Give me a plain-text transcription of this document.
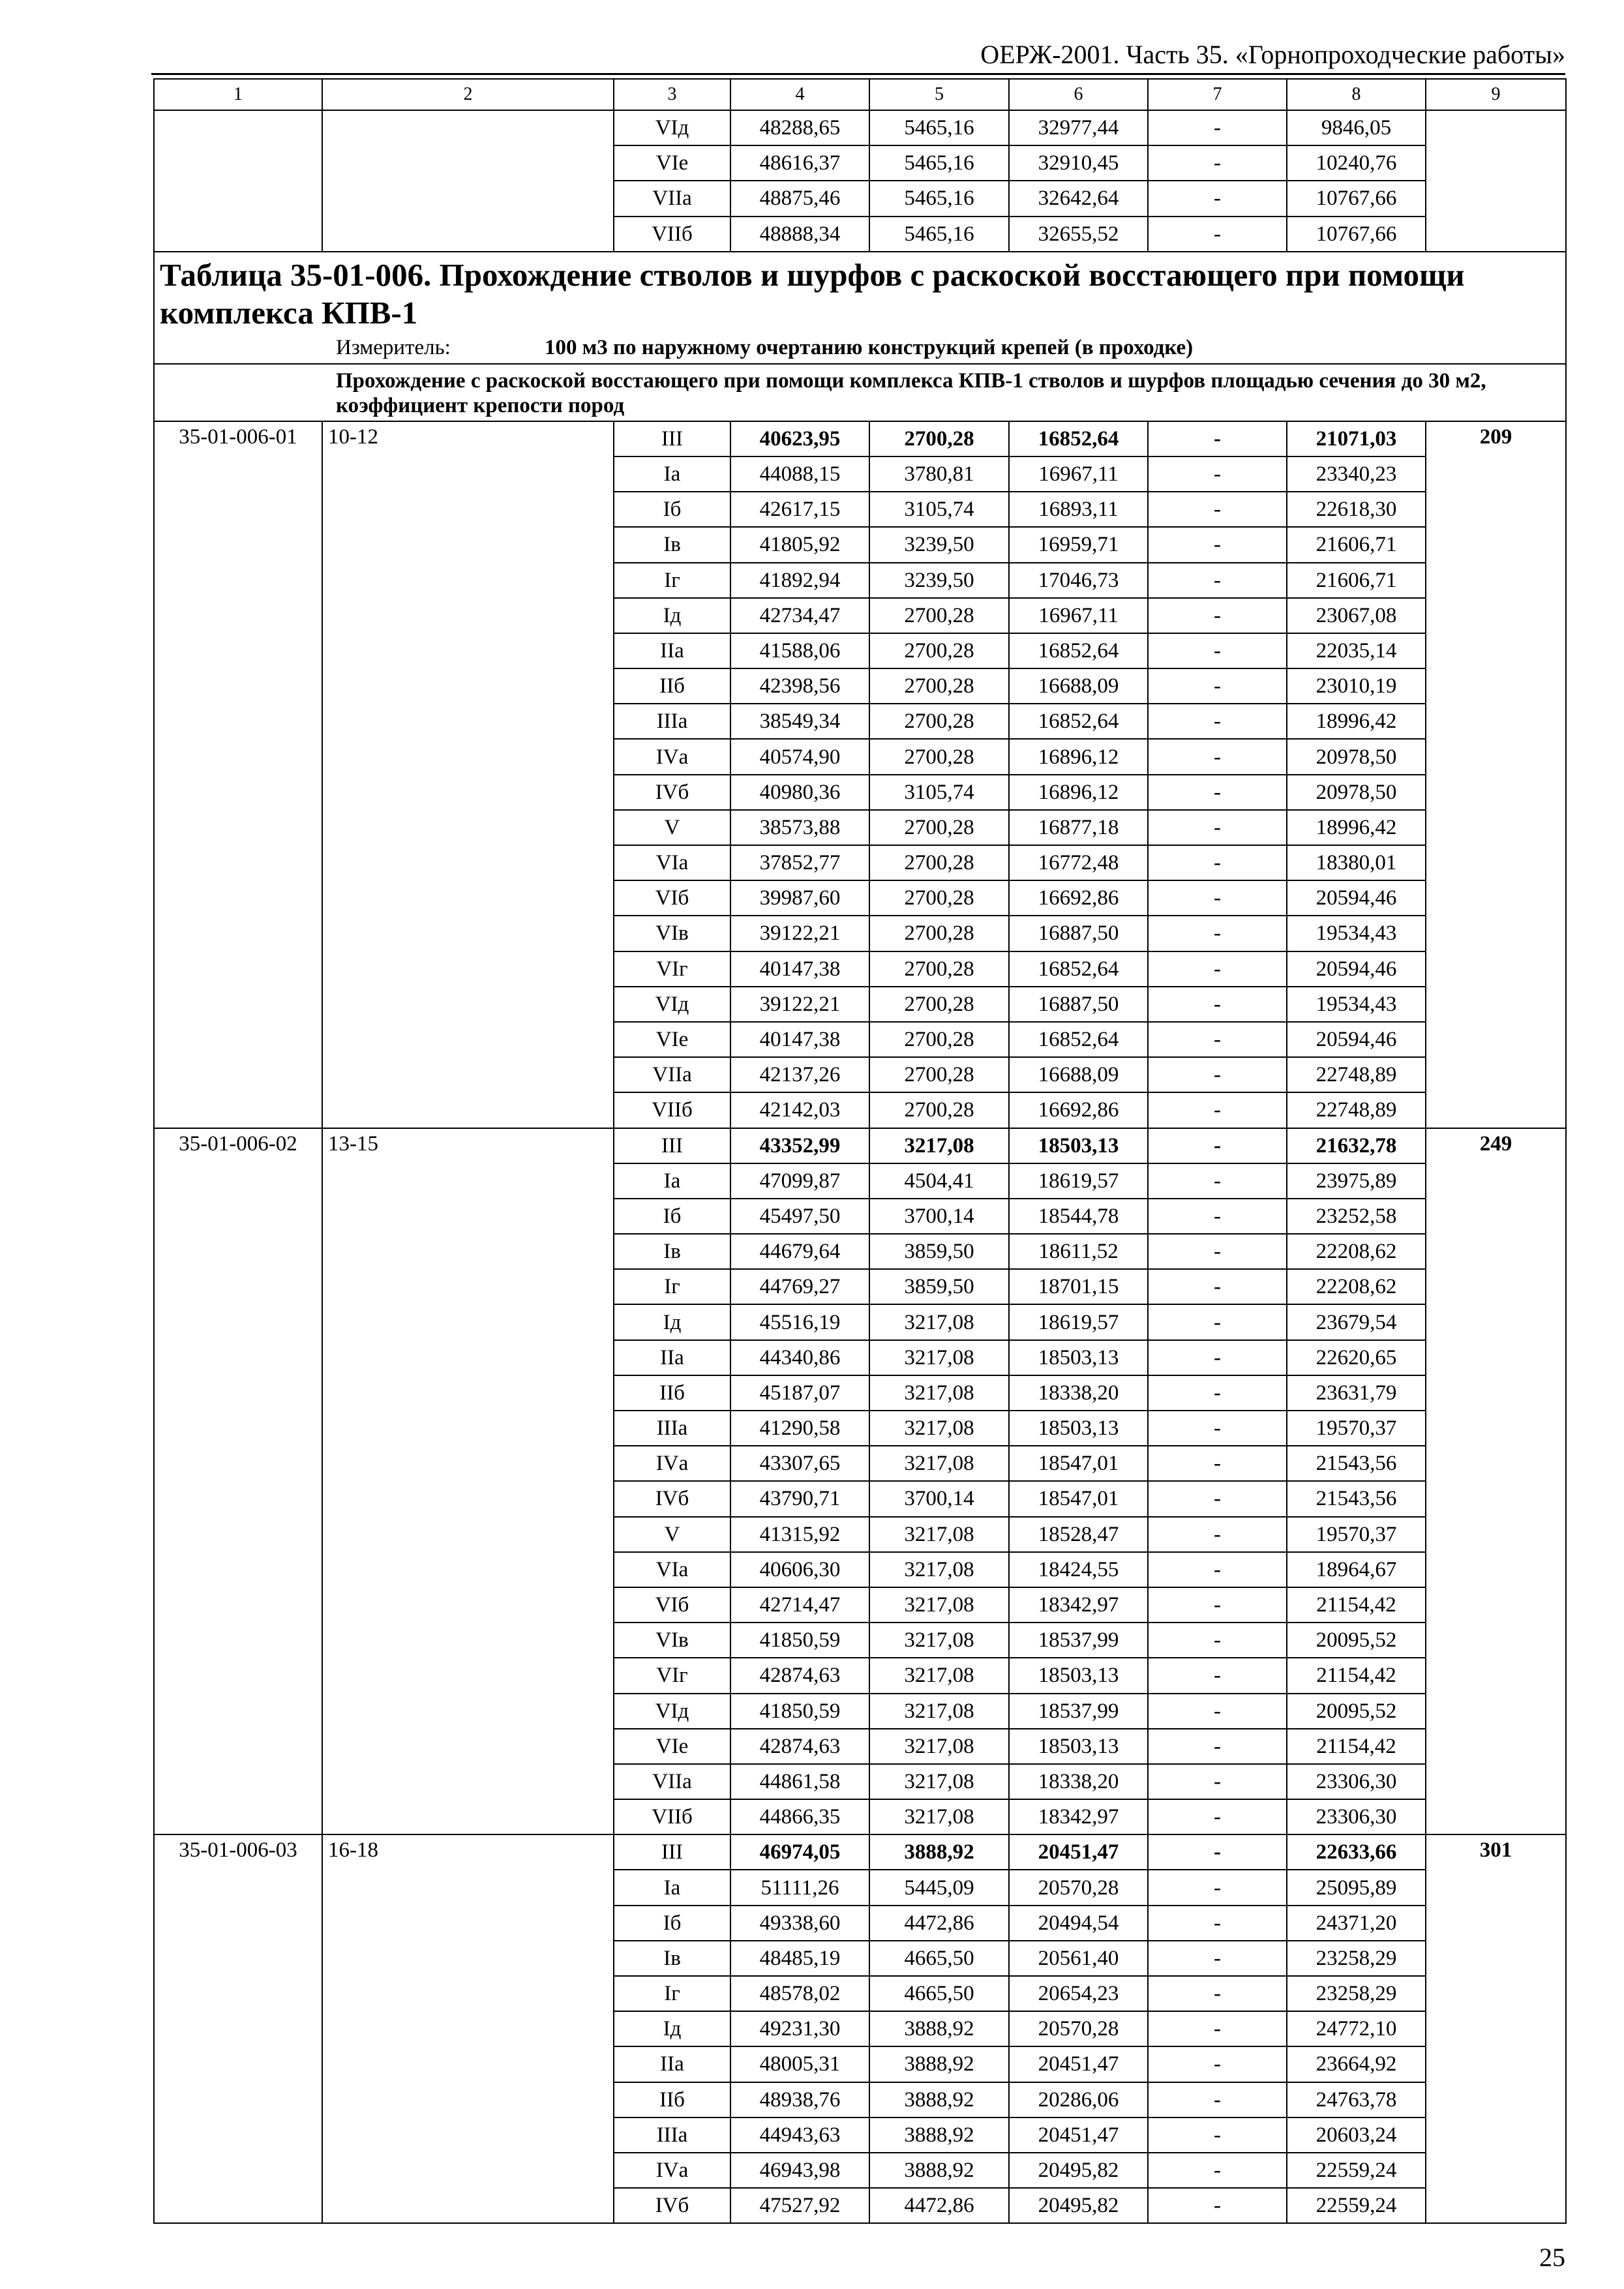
ОЕРЖ-2001. Часть 35. «Горнопроходческие работы»
1	2	3	4	5	6	7	8	9
		VIд	48288,65	5465,16	32977,44	-	9846,05	
		VIе	48616,37	5465,16	32910,45	-	10240,76	
		VIIа	48875,46	5465,16	32642,64	-	10767,66	
		VIIб	48888,34	5465,16	32655,52	-	10767,66	

Таблица 35-01-006. Прохождение стволов и шурфов с раскоской восстающего при помощи комплекса КПВ-1
Измеритель: 100 м3 по наружному очертанию конструкций крепей (в проходке)								

Прохождение с раскоской восстающего при помощи комплекса КПВ-1 стволов и шурфов площадью сечения до 30 м2, коэффициент крепости пород								

35-01-006-01	10-12	III	40623,95	2700,28	16852,64	-	21071,03	209
		Iа	44088,15	3780,81	16967,11	-	23340,23	
		Iб	42617,15	3105,74	16893,11	-	22618,30	
		Iв	41805,92	3239,50	16959,71	-	21606,71	
		Iг	41892,94	3239,50	17046,73	-	21606,71	
		Iд	42734,47	2700,28	16967,11	-	23067,08	
		IIа	41588,06	2700,28	16852,64	-	22035,14	
		IIб	42398,56	2700,28	16688,09	-	23010,19	
		IIIа	38549,34	2700,28	16852,64	-	18996,42	
		IVа	40574,90	2700,28	16896,12	-	20978,50	
		IVб	40980,36	3105,74	16896,12	-	20978,50	
		V	38573,88	2700,28	16877,18	-	18996,42	
		VIа	37852,77	2700,28	16772,48	-	18380,01	
		VIб	39987,60	2700,28	16692,86	-	20594,46	
		VIв	39122,21	2700,28	16887,50	-	19534,43	
		VIг	40147,38	2700,28	16852,64	-	20594,46	
		VIд	39122,21	2700,28	16887,50	-	19534,43	
		VIе	40147,38	2700,28	16852,64	-	20594,46	
		VIIа	42137,26	2700,28	16688,09	-	22748,89	
		VIIб	42142,03	2700,28	16692,86	-	22748,89	
35-01-006-02	13-15	III	43352,99	3217,08	18503,13	-	21632,78	249
		Iа	47099,87	4504,41	18619,57	-	23975,89	
		Iб	45497,50	3700,14	18544,78	-	23252,58	
		Iв	44679,64	3859,50	18611,52	-	22208,62	
		Iг	44769,27	3859,50	18701,15	-	22208,62	
		Iд	45516,19	3217,08	18619,57	-	23679,54	
		IIа	44340,86	3217,08	18503,13	-	22620,65	
		IIб	45187,07	3217,08	18338,20	-	23631,79	
		IIIа	41290,58	3217,08	18503,13	-	19570,37	
		IVа	43307,65	3217,08	18547,01	-	21543,56	
		IVб	43790,71	3700,14	18547,01	-	21543,56	
		V	41315,92	3217,08	18528,47	-	19570,37	
		VIа	40606,30	3217,08	18424,55	-	18964,67	
		VIб	42714,47	3217,08	18342,97	-	21154,42	
		VIв	41850,59	3217,08	18537,99	-	20095,52	
		VIг	42874,63	3217,08	18503,13	-	21154,42	
		VIд	41850,59	3217,08	18537,99	-	20095,52	
		VIе	42874,63	3217,08	18503,13	-	21154,42	
		VIIа	44861,58	3217,08	18338,20	-	23306,30	
		VIIб	44866,35	3217,08	18342,97	-	23306,30	
35-01-006-03	16-18	III	46974,05	3888,92	20451,47	-	22633,66	301
		Iа	51111,26	5445,09	20570,28	-	25095,89	
		Iб	49338,60	4472,86	20494,54	-	24371,20	
		Iв	48485,19	4665,50	20561,40	-	23258,29	
		Iг	48578,02	4665,50	20654,23	-	23258,29	
		Iд	49231,30	3888,92	20570,28	-	24772,10	
		IIа	48005,31	3888,92	20451,47	-	23664,92	
		IIб	48938,76	3888,92	20286,06	-	24763,78	
		IIIа	44943,63	3888,92	20451,47	-	20603,24	
		IVа	46943,98	3888,92	20495,82	-	22559,24	
		IVб	47527,92	4472,86	20495,82	-	22559,24	
25
